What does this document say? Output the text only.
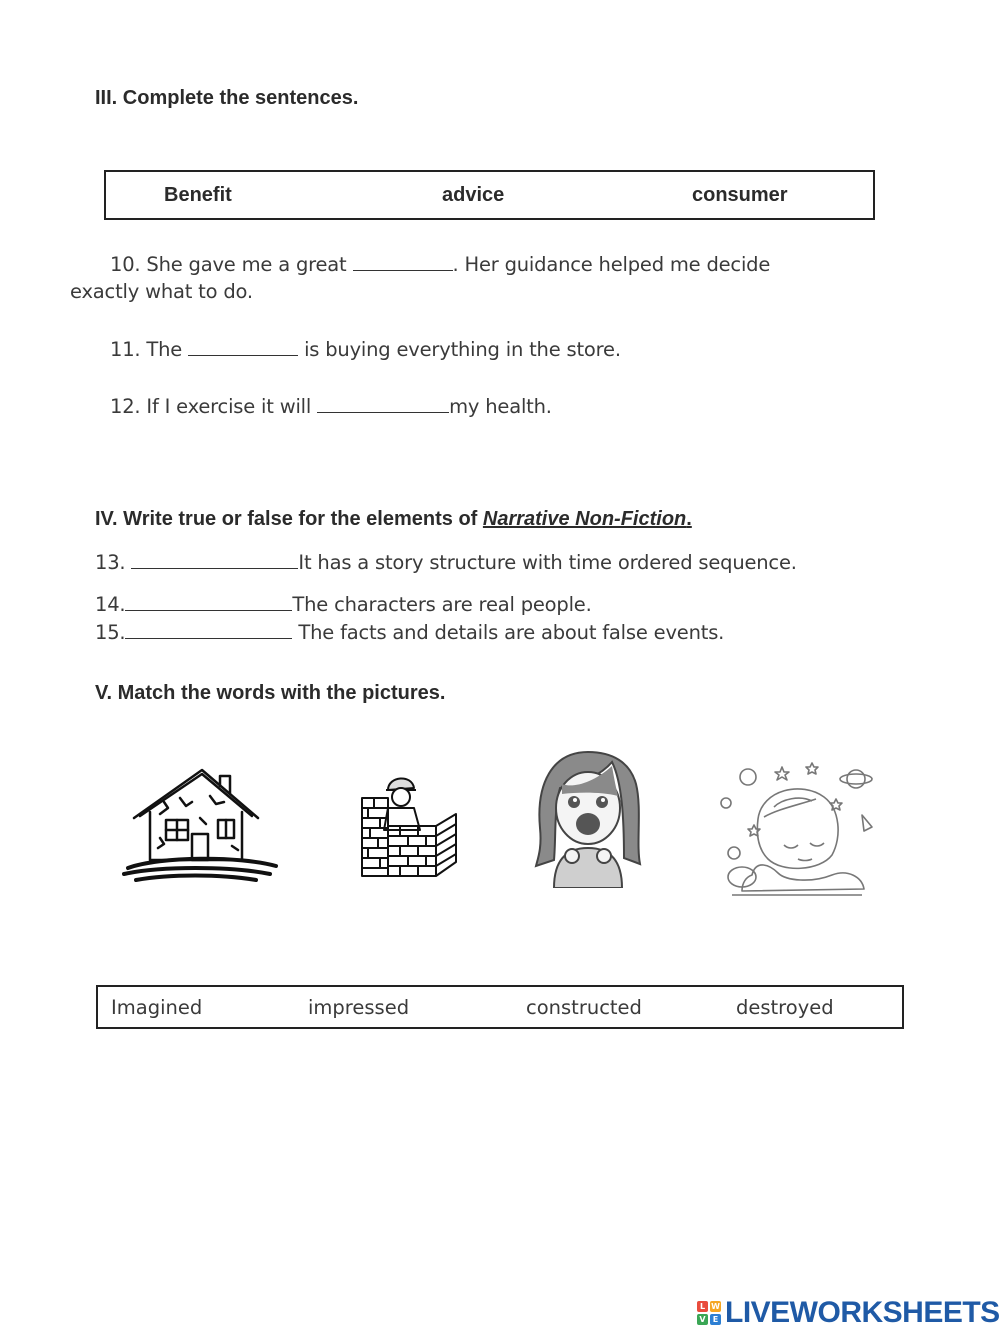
III. Complete the sentences.
Benefit	advice	consumer
10. She gave me a great	. Her guidance helped me decide
exactly what to do.
11. The	is buying everything in the store.
12. If I exercise it will	my health.
IV. Write true or false for the elements of Narrative Non-Fiction.
13.	It has a story structure with time ordered sequence.
14.	The characters are real people.
15.	The facts and details are about false events.
V. Match the words with the pictures.
Imagined	impressed	constructed	destroyed
L W
V E LIVEWORKSHEETS
